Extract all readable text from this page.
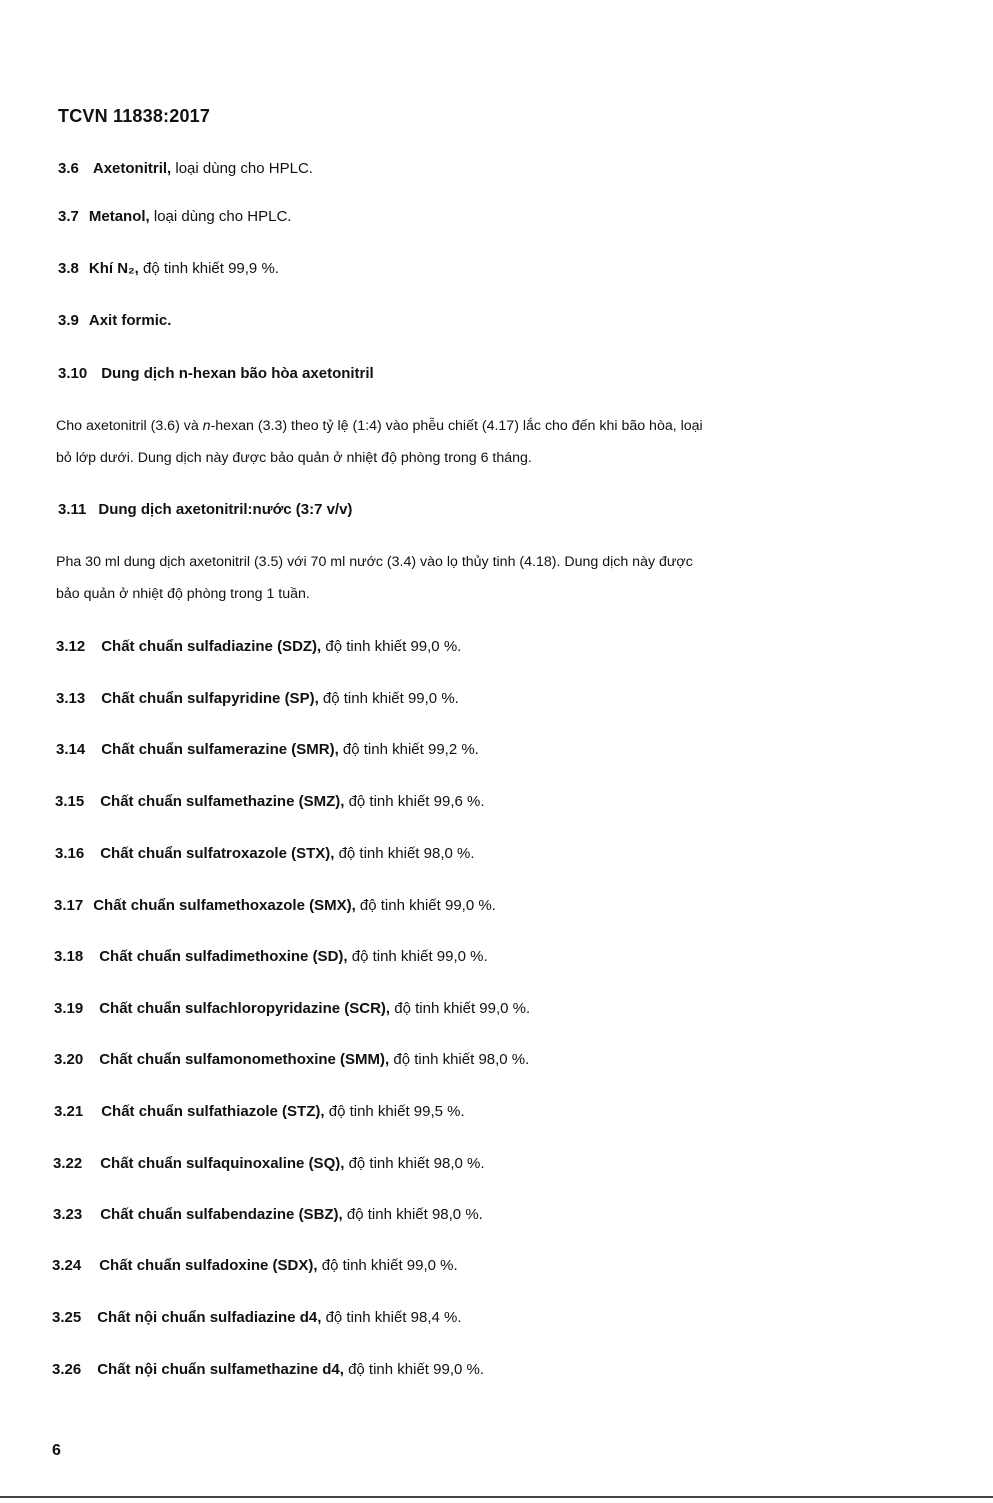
TCVN 11838:2017
3.6 Axetonitril, loại dùng cho HPLC.
3.7 Metanol, loại dùng cho HPLC.
3.8 Khí N₂, độ tinh khiết 99,9 %.
3.9 Axit formic.
3.10 Dung dịch n-hexan bão hòa axetonitril
Cho axetonitril (3.6) và n-hexan (3.3) theo tỷ lệ (1:4) vào phễu chiết (4.17) lắc cho đến khi bão hòa, loại
bỏ lớp dưới. Dung dịch này được bảo quản ở nhiệt độ phòng trong 6 tháng.
3.11 Dung dịch axetonitril:nước (3:7 v/v)
Pha 30 ml dung dịch axetonitril (3.5) với 70 ml nước (3.4) vào lọ thủy tinh (4.18). Dung dịch này được
bảo quản ở nhiệt độ phòng trong 1 tuần.
3.12 Chất chuẩn sulfadiazine (SDZ), độ tinh khiết 99,0 %.
3.13 Chất chuẩn sulfapyridine (SP), độ tinh khiết 99,0 %.
3.14 Chất chuẩn sulfamerazine (SMR), độ tinh khiết 99,2 %.
3.15 Chất chuẩn sulfamethazine (SMZ), độ tinh khiết 99,6 %.
3.16 Chất chuẩn sulfatroxazole (STX), độ tinh khiết 98,0 %.
3.17 Chất chuẩn sulfamethoxazole (SMX), độ tinh khiết 99,0 %.
3.18 Chất chuẩn sulfadimethoxine (SD), độ tinh khiết 99,0 %.
3.19 Chất chuẩn sulfachloropyridazine (SCR), độ tinh khiết 99,0 %.
3.20 Chất chuẩn sulfamonomethoxine (SMM), độ tinh khiết 98,0 %.
3.21 Chất chuẩn sulfathiazole (STZ), độ tinh khiết 99,5 %.
3.22 Chất chuẩn sulfaquinoxaline (SQ), độ tinh khiết 98,0 %.
3.23 Chất chuẩn sulfabendazine (SBZ), độ tinh khiết 98,0 %.
3.24 Chất chuẩn sulfadoxine (SDX), độ tinh khiết 99,0 %.
3.25 Chất nội chuẩn sulfadiazine d4, độ tinh khiết 98,4 %.
3.26 Chất nội chuẩn sulfamethazine d4, độ tinh khiết 99,0 %.
6
